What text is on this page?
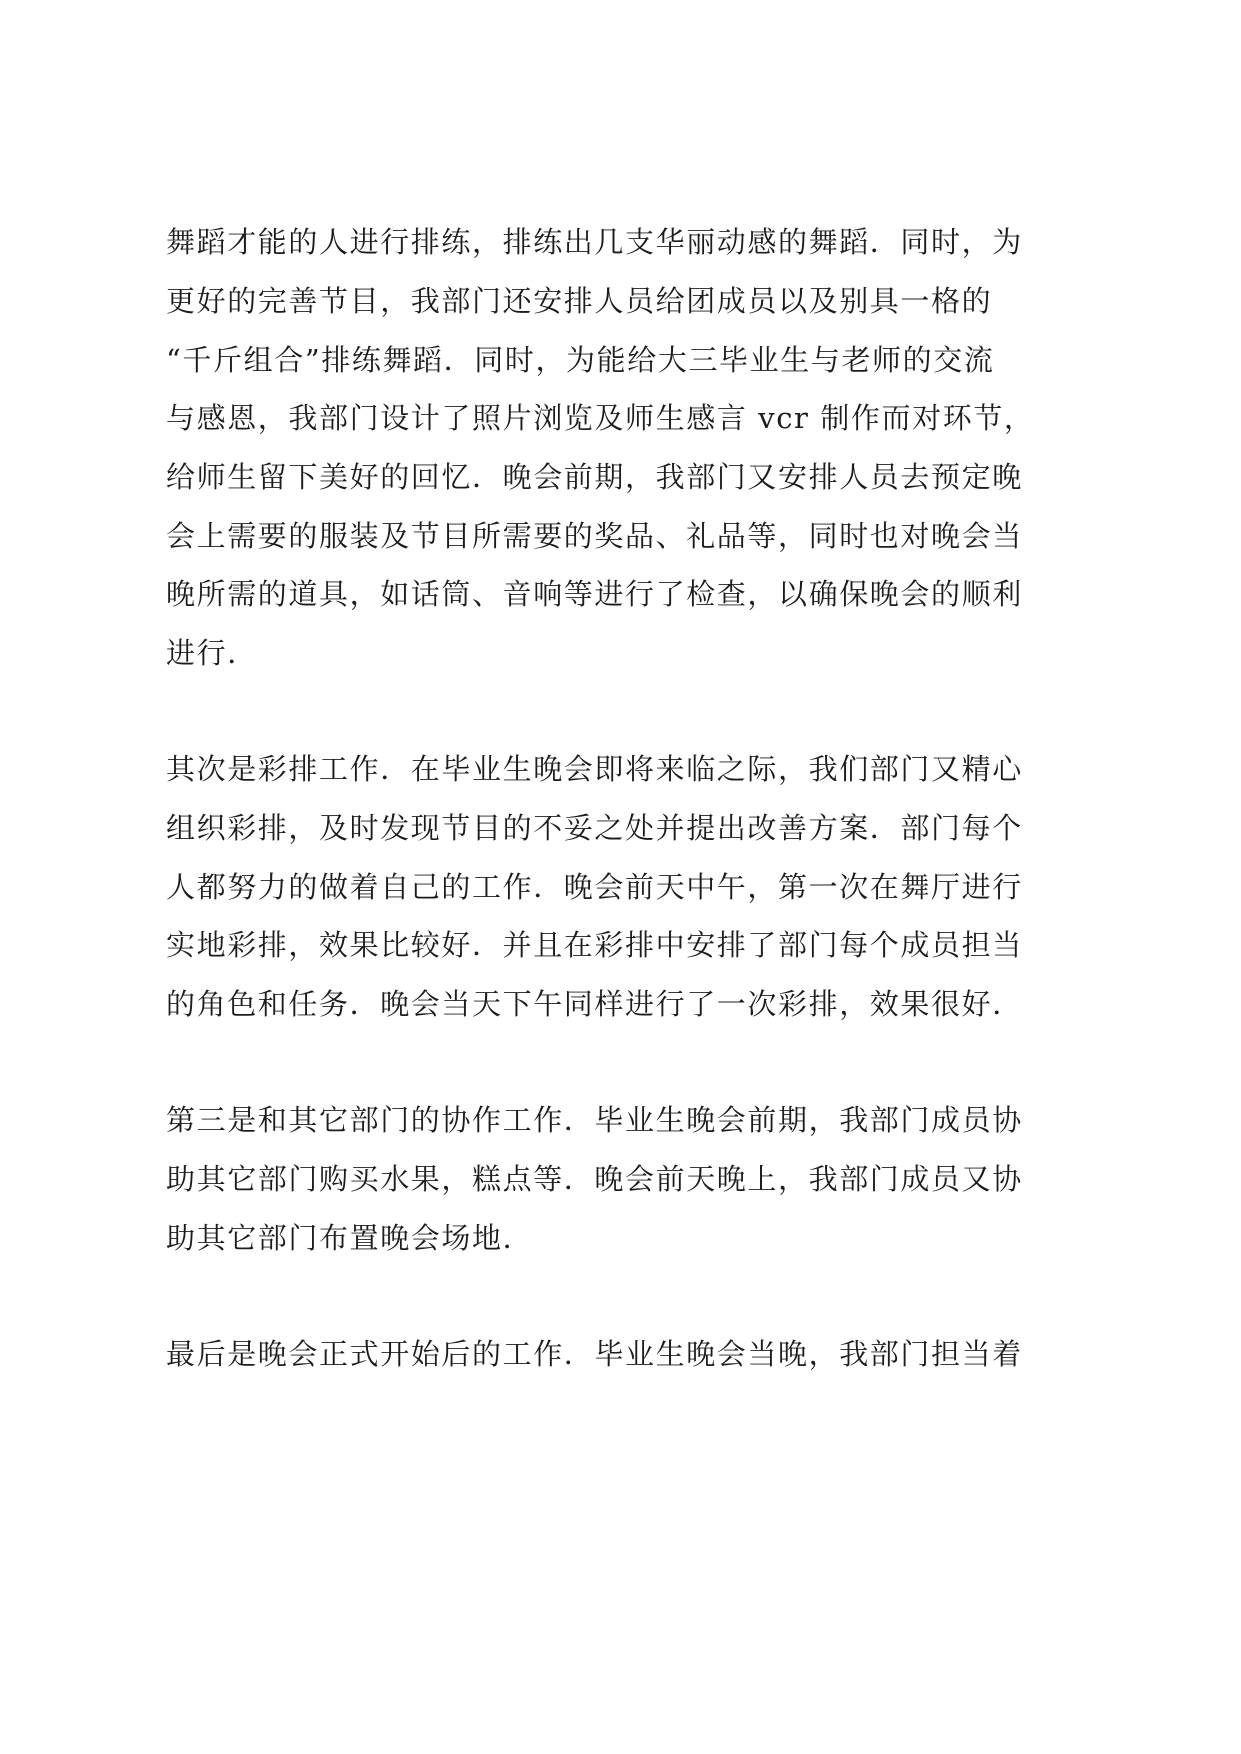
舞蹈才能的人进行排练，排练出几支华丽动感的舞蹈．同时，为
更好的完善节目，我部门还安排人员给团成员以及别具一格的
“千斤组合”排练舞蹈．同时，为能给大三毕业生与老师的交流
与感恩，我部门设计了照片浏览及师生感言 vcr 制作而对环节，
给师生留下美好的回忆．晚会前期，我部门又安排人员去预定晚
会上需要的服装及节目所需要的奖品、礼品等，同时也对晚会当
晚所需的道具，如话筒、音响等进行了检查，以确保晚会的顺利
进行．
其次是彩排工作．在毕业生晚会即将来临之际，我们部门又精心
组织彩排，及时发现节目的不妥之处并提出改善方案．部门每个
人都努力的做着自己的工作．晚会前天中午，第一次在舞厅进行
实地彩排，效果比较好．并且在彩排中安排了部门每个成员担当
的角色和任务．晚会当天下午同样进行了一次彩排，效果很好．
第三是和其它部门的协作工作．毕业生晚会前期，我部门成员协
助其它部门购买水果，糕点等．晚会前天晚上，我部门成员又协
助其它部门布置晚会场地．
最后是晚会正式开始后的工作．毕业生晚会当晚，我部门担当着
